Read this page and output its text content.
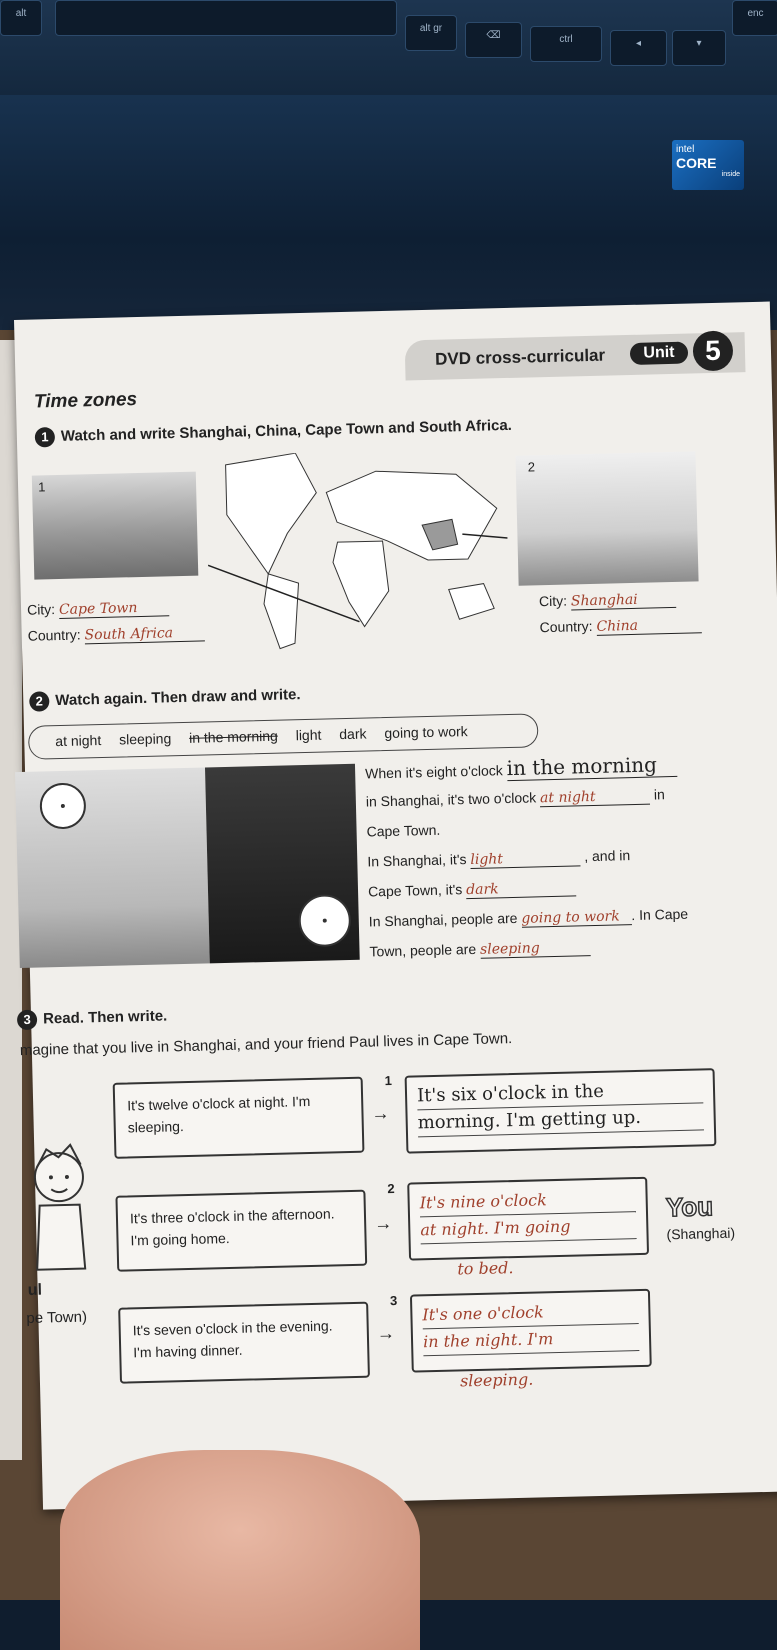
alt
alt gr
⌫	ctrl	◂	▾
enc
intel
CORE
inside
DVD cross-curricular	Unit	5
Time zones
1 Watch and write Shanghai, China, Cape Town and South Africa.
1
2
City: Cape Town
Country: South Africa
City: Shanghai
Country: China
2 Watch again. Then draw and write.
at night sleeping in the morning light dark going to work
When it's eight o'clock in the morning
in Shanghai, it's two o'clock at night	in
Cape Town.
In Shanghai, it's light	, and in
Cape Town, it's dark
In Shanghai, people are going to work . In Cape
Town, people are sleeping
3 Read. Then write.
magine that you live in Shanghai, and your friend Paul lives in Cape Town.
ul
pe Town)
It's twelve o'clock at night. I'm sleeping.
1
→
It's six o'clock in the
morning. I'm getting up.
It's three o'clock in the afternoon. I'm going home.
2
→
It's nine o'clock
at night. I'm going
to bed.
You
(Shanghai)
It's seven o'clock in the evening. I'm having dinner.
3
→
It's one o'clock
in the night. I'm
sleeping.
